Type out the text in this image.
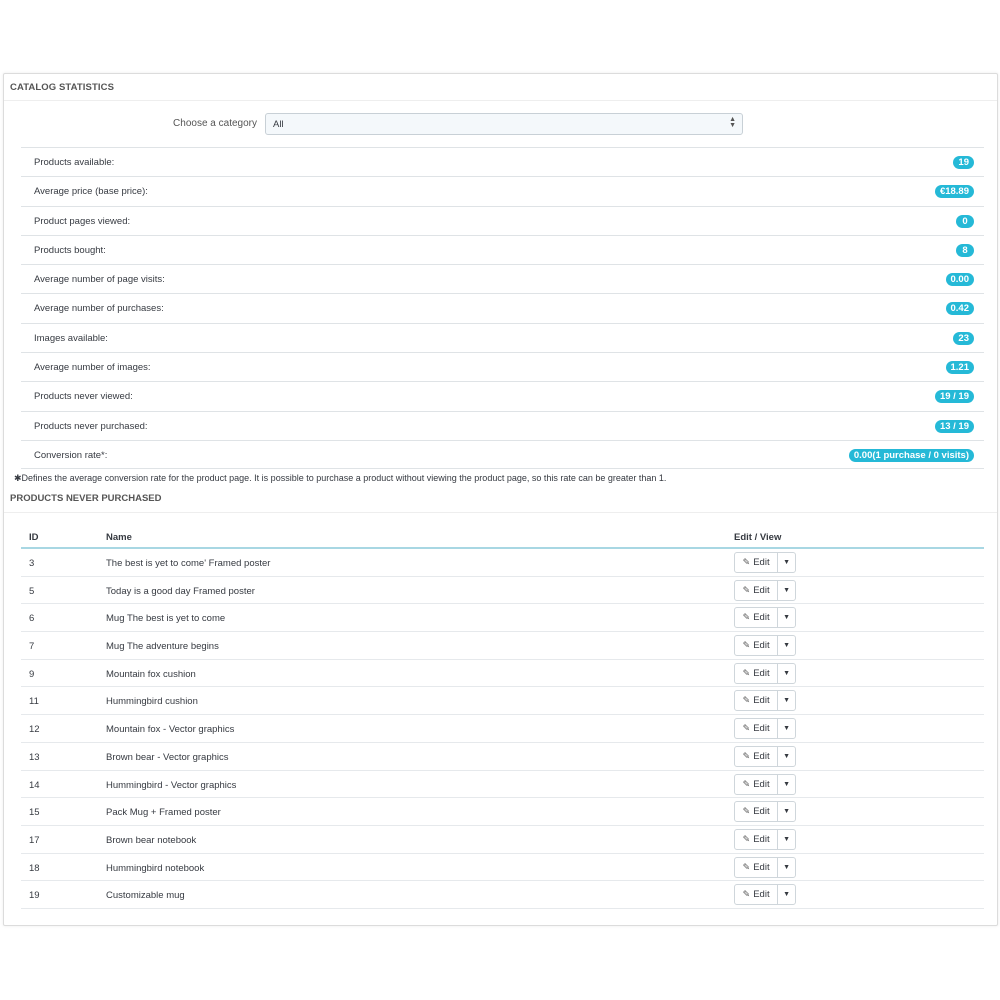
CATALOG STATISTICS
Choose a category	All	▲
▼
Products available:	19
Average price (base price):	€18.89
Product pages viewed:	0
Products bought:	8
Average number of page visits:	0.00
Average number of purchases:	0.42
Images available:	23
Average number of images:	1.21
Products never viewed:	19 / 19
Products never purchased:	13 / 19
Conversion rate*:	0.00(1 purchase / 0 visits)
✱Defines the average conversion rate for the product page. It is possible to purchase a product without viewing the product page, so this rate can be greater than 1.
PRODUCTS NEVER PURCHASED
ID	Name	Edit / View
3	The best is yet to come' Framed poster	✎ Edit	▼
5	Today is a good day Framed poster	✎ Edit	▼
6	Mug The best is yet to come	✎ Edit	▼
7	Mug The adventure begins	✎ Edit	▼
9	Mountain fox cushion	✎ Edit	▼
11	Hummingbird cushion	✎ Edit	▼
12	Mountain fox - Vector graphics	✎ Edit	▼
13	Brown bear - Vector graphics	✎ Edit	▼
14	Hummingbird - Vector graphics	✎ Edit	▼
15	Pack Mug + Framed poster	✎ Edit	▼
17	Brown bear notebook	✎ Edit	▼
18	Hummingbird notebook	✎ Edit	▼
19	Customizable mug	✎ Edit	▼
